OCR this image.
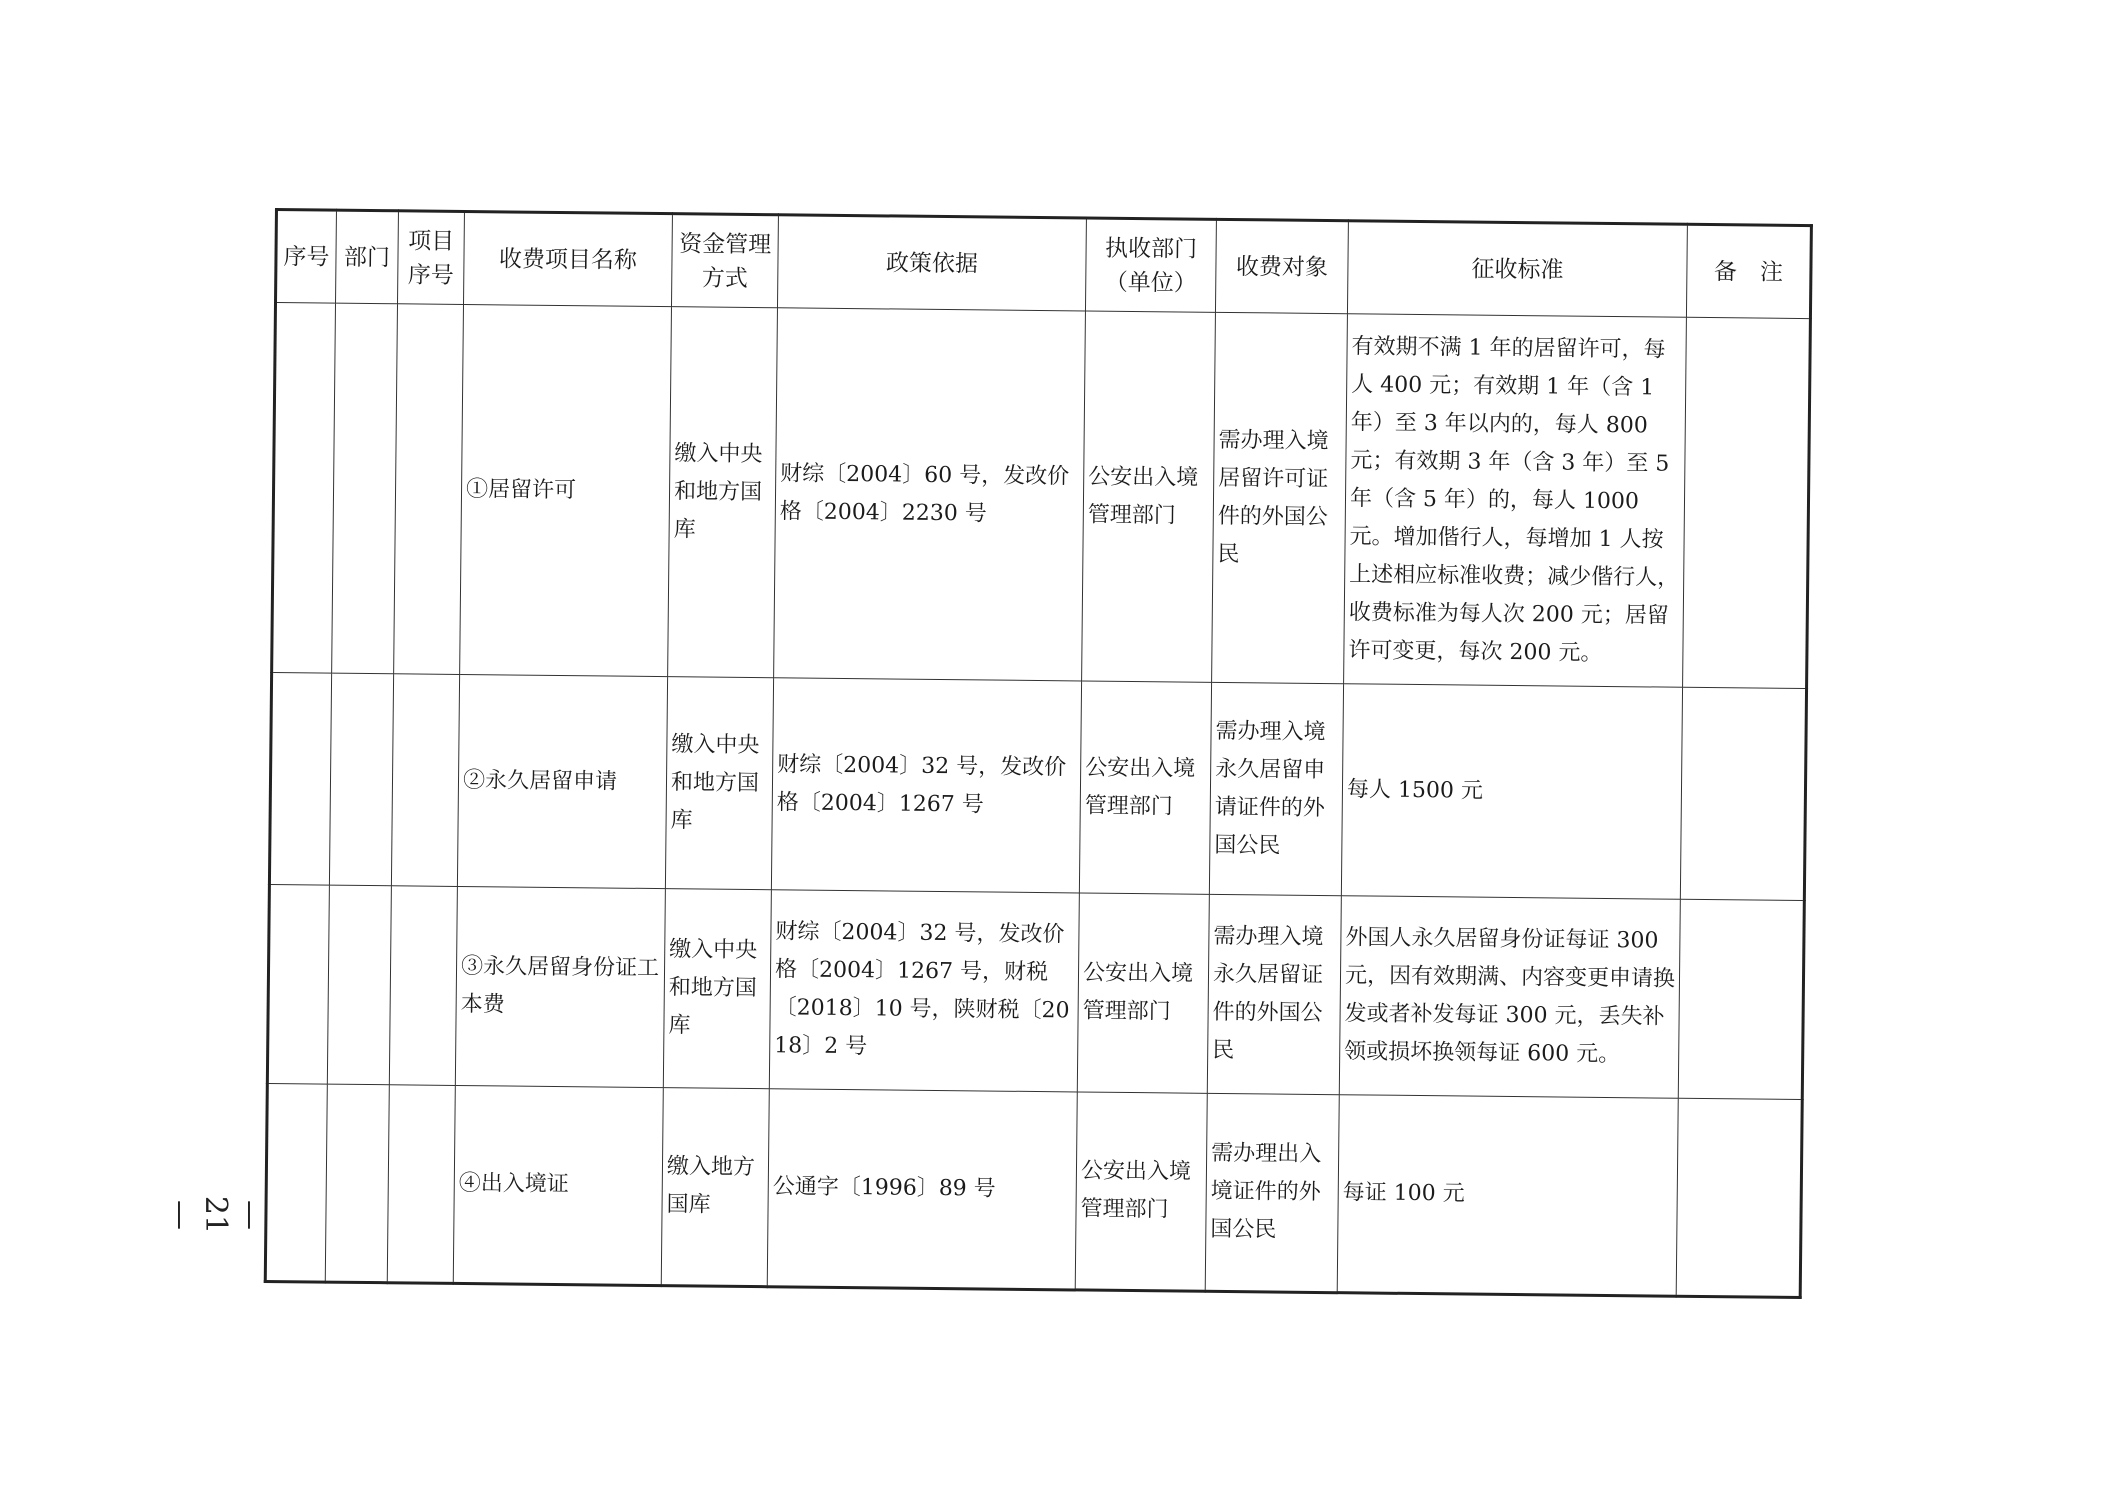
序号	部门	项目序号	收费项目名称	资金管理方式	政策依据	执收部门（单位）	收费对象	征收标准	备　注
			①居留许可	缴入中央和地方国库	财综〔2004〕60 号，发改价格〔2004〕2230 号	公安出入境管理部门	需办理入境居留许可证件的外国公民	有效期不满 1 年的居留许可，每人 400 元；有效期 1 年（含 1 年）至 3 年以内的，每人 800 元；有效期 3 年（含 3 年）至 5 年（含 5 年）的，每人 1000 元。增加偕行人，每增加 1 人按上述相应标准收费；减少偕行人，收费标准为每人次 200 元；居留许可变更，每次 200 元。	
			②永久居留申请	缴入中央和地方国库	财综〔2004〕32 号，发改价格〔2004〕1267 号	公安出入境管理部门	需办理入境永久居留申请证件的外国公民	每人 1500 元	
			③永久居留身份证工本费	缴入中央和地方国库	财综〔2004〕32 号，发改价格〔2004〕1267 号，财税〔2018〕10 号，陕财税〔2018〕2 号	公安出入境管理部门	需办理入境永久居留证件的外国公民	外国人永久居留身份证每证 300 元，因有效期满、内容变更申请换发或者补发每证 300 元，丢失补领或损坏换领每证 600 元。	
			④出入境证	缴入地方国库	公通字〔1996〕89 号	公安出入境管理部门	需办理出入境证件的外国公民	每证 100 元	
—21—
